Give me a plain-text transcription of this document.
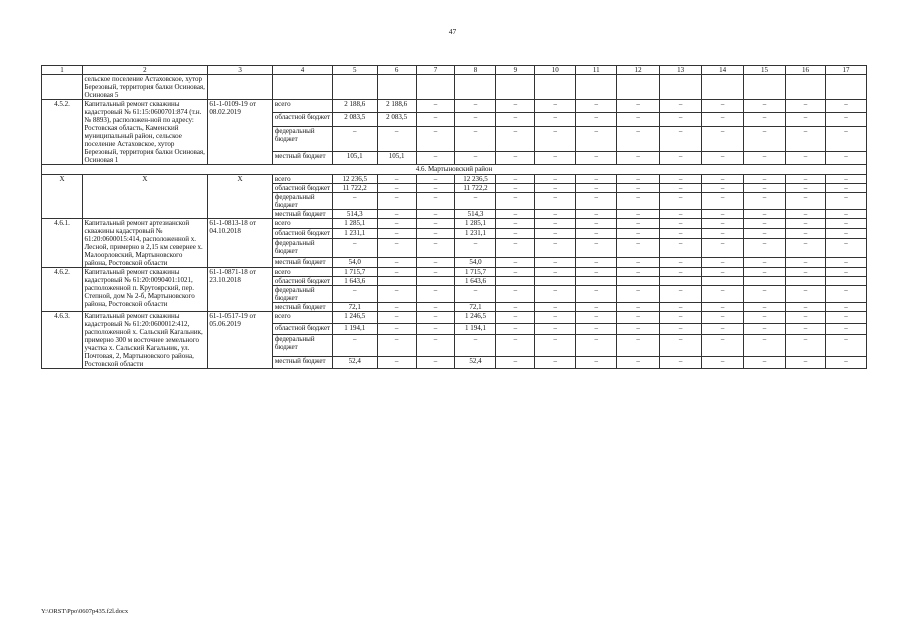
47
1	2	3	4	5	6	7	8	9	10	11	12	13	14	15	16	17
	сельское поселение Астаховское, хутор Березовый, территория балки Осиновая, Осиновая 5															
4.5.2.	Капитальный ремонт скважины кадастровый № 61:15:0600701:874 (т.н. № 8893), расположен-ной по адресу: Ростовская область, Каменский муниципальный район, сельское поселение Астаховское, хутор Березовый, территория балки Осиновая, Осиновая 1	61-1-0109-19 от 08.02.2019	всего	2 188,6	2 188,6	–	–	–	–	–	–	–	–	–	–	–
			областной бюджет	2 083,5	2 083,5	–	–	–	–	–	–	–	–	–	–	–
			федеральный бюджет	–	–	–	–	–	–	–	–	–	–	–	–	–
			местный бюджет	105,1	105,1	–	–	–	–	–	–	–	–	–	–	–
4.6. Мартыновский район																
Х	Х	Х	всего	12 236,5	–	–	12 236,5	–	–	–	–	–	–	–	–	–
			областной бюджет	11 722,2	–	–	11 722,2	–	–	–	–	–	–	–	–	–
			федеральный бюджет	–	–	–	–	–	–	–	–	–	–	–	–	–
			местный бюджет	514,3	–	–	514,3	–	–	–	–	–	–	–	–	–
4.6.1.	Капитальный ремонт артезианской скважины кадастровый № 61:20:0600015:414, расположенной х. Лесной, примерно в 2,15 км севернее х. Малоорловский, Мартыновского района, Ростовской области	61-1-0813-18 от 04.10.2018	всего	1 285,1	–	–	1 285,1	–	–	–	–	–	–	–	–	–
			областной бюджет	1 231,1	–	–	1 231,1	–	–	–	–	–	–	–	–	–
			федеральный бюджет	–	–	–	–	–	–	–	–	–	–	–	–	–
			местный бюджет	54,0	–	–	54,0	–	–	–	–	–	–	–	–	–
4.6.2.	Капитальный ремонт скважины кадастровый № 61:20:0090401:1021, расположенной п. Крутоярский, пер. Степной, дом № 2-б, Мартыновского района, Ростовской области	61-1-0871-18 от 23.10.2018	всего	1 715,7	–	–	1 715,7	–	–	–	–	–	–	–	–	–
			областной бюджет	1 643,6			1 643,6									
			федеральный бюджет	–	–	–	–	–	–	–	–	–	–	–	–	–
			местный бюджет	72,1	–	–	72,1	–	–	–	–	–	–	–	–	–
4.6.3.	Капитальный ремонт скважины кадастровый № 61:20:0600012:412, расположенной х. Сальский Кагальник, примерно 300 м восточнее земельного участка х. Сальский Кагальник, ул. Почтовая, 2, Мартыновского района, Ростовской области	61-1-0517-19 от 05.06.2019	всего	1 246,5	–	–	1 246,5	–	–	–	–	–	–	–	–	–
			областной бюджет	1 194,1	–	–	1 194,1	–	–	–	–	–	–	–	–	–
			федеральный бюджет	–	–	–	–	–	–	–	–	–	–	–	–	–
			местный бюджет	52,4	–	–	52,4	–	–	–	–	–	–	–	–	–
Y:\ORST\Ppo\0607p435.f2l.docx
